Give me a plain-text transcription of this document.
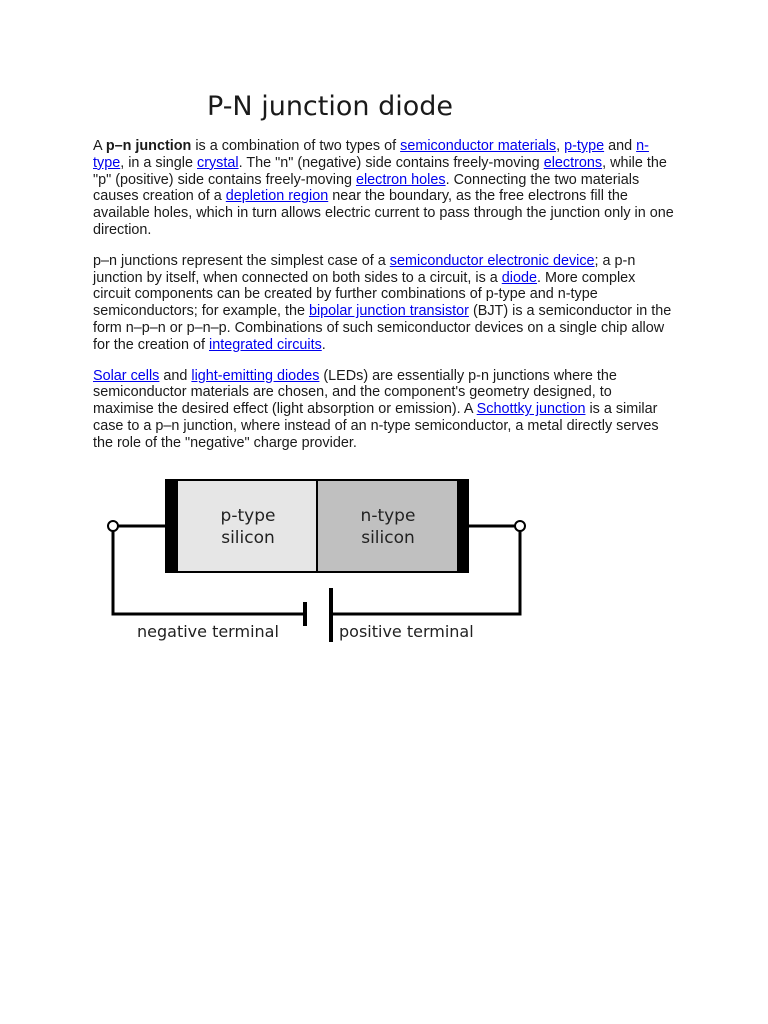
P-N junction diode

A p–n junction is a combination of two types of semiconductor materials, p-type and n-type, in a single crystal. The "n" (negative) side contains freely-moving electrons, while the "p" (positive) side contains freely-moving electron holes. Connecting the two materials causes creation of a depletion region near the boundary, as the free electrons fill the available holes, which in turn allows electric current to pass through the junction only in one direction.

p–n junctions represent the simplest case of a semiconductor electronic device; a p-n junction by itself, when connected on both sides to a circuit, is a diode. More complex circuit components can be created by further combinations of p-type and n-type semiconductors; for example, the bipolar junction transistor (BJT) is a semiconductor in the form n–p–n or p–n–p. Combinations of such semiconductor devices on a single chip allow for the creation of integrated circuits.

Solar cells and light-emitting diodes (LEDs) are essentially p-n junctions where the semiconductor materials are chosen, and the component's geometry designed, to maximise the desired effect (light absorption or emission). A Schottky junction is a similar case to a p–n junction, where instead of an n-type semiconductor, a metal directly serves the role of the "negative" charge provider.

p-type
silicon
n-type
silicon
negative terminal	positive terminal
